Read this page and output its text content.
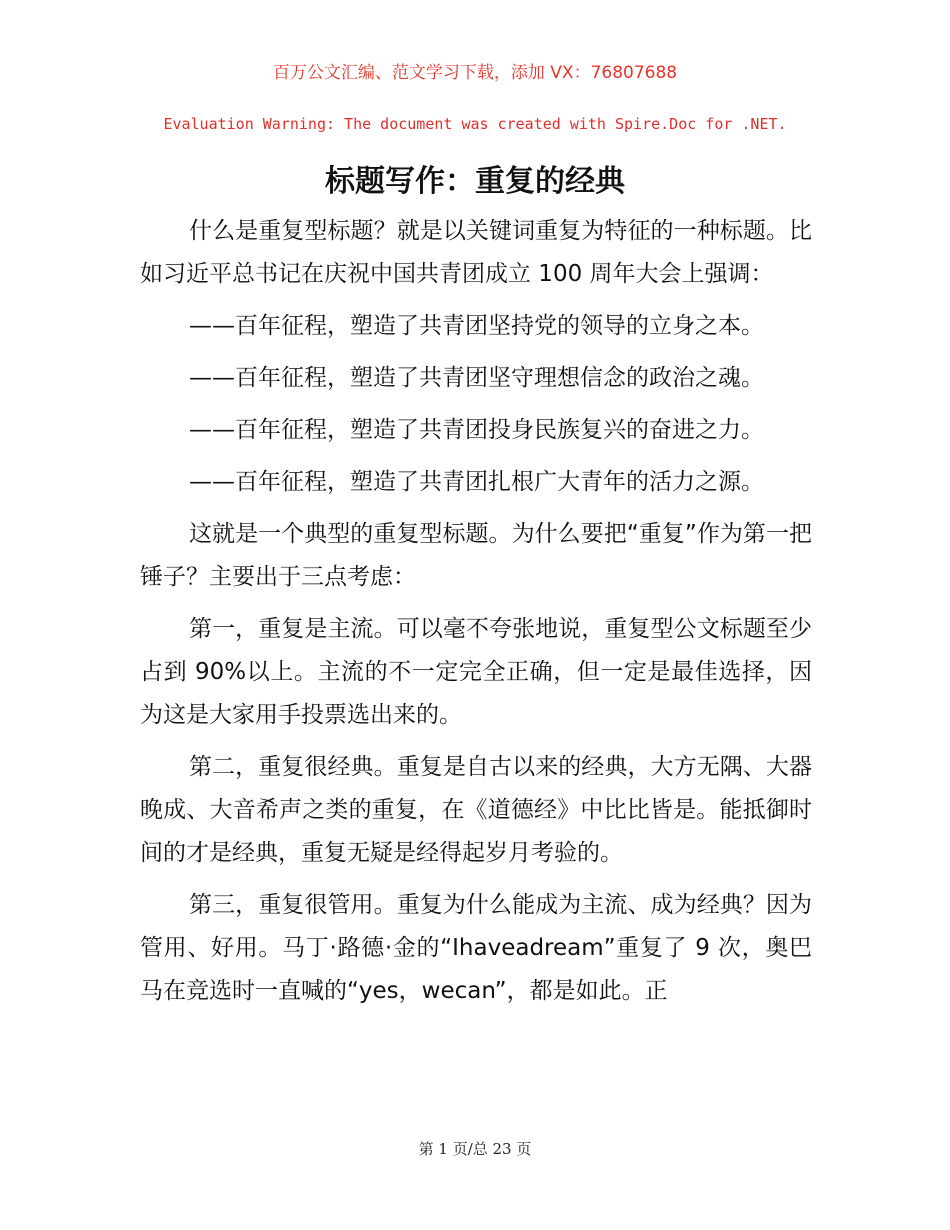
百万公文汇编、范文学习下载，添加 VX：76807688
Evaluation Warning: The document was created with Spire.Doc for .NET.
标题写作：重复的经典

什么是重复型标题？就是以关键词重复为特征的一种标题。比如习近平总书记在庆祝中国共青团成立 100 周年大会上强调：

——百年征程，塑造了共青团坚持党的领导的立身之本。

——百年征程，塑造了共青团坚守理想信念的政治之魂。

——百年征程，塑造了共青团投身民族复兴的奋进之力。

——百年征程，塑造了共青团扎根广大青年的活力之源。

这就是一个典型的重复型标题。为什么要把“重复”作为第一把锤子？主要出于三点考虑：

第一，重复是主流。可以毫不夸张地说，重复型公文标题至少占到 90%以上。主流的不一定完全正确，但一定是最佳选择，因为这是大家用手投票选出来的。

第二，重复很经典。重复是自古以来的经典，大方无隅、大器晚成、大音希声之类的重复，在《道德经》中比比皆是。能抵御时间的才是经典，重复无疑是经得起岁月考验的。

第三，重复很管用。重复为什么能成为主流、成为经典？因为管用、好用。马丁·路德·金的“Ihaveadream”重复了 9 次，奥巴马在竞选时一直喊的“yes，wecan”，都是如此。正

第 1 页/总 23 页
